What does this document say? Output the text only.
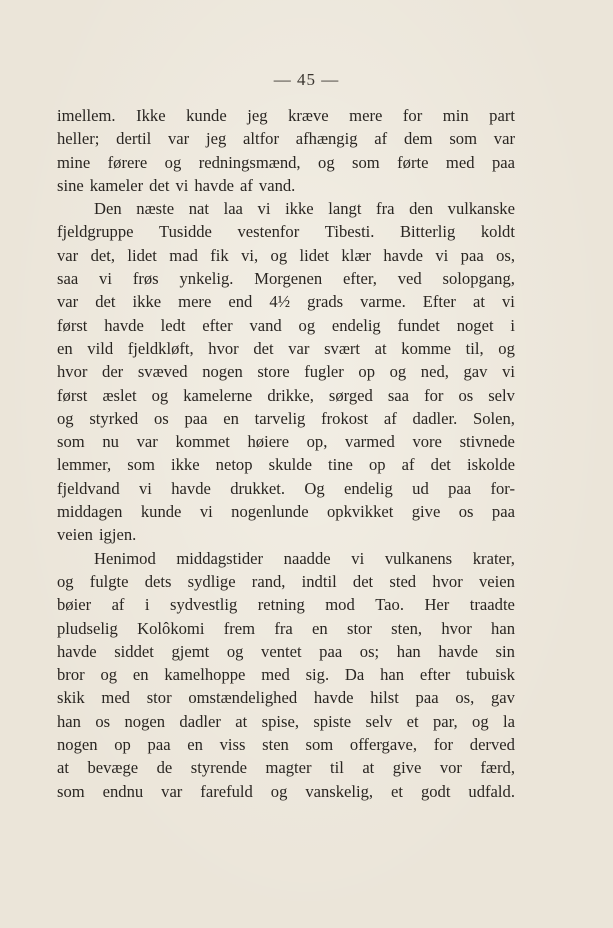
— 45 —
imellem. Ikke kunde jeg kræve mere for min part
heller; dertil var jeg altfor afhængig af dem som var
mine førere og redningsmænd, og som førte med paa
sine kameler det vi havde af vand.
Den næste nat laa vi ikke langt fra den vulkanske
fjeldgruppe Tusidde vestenfor Tibesti. Bitterlig koldt
var det, lidet mad fik vi, og lidet klær havde vi paa os,
saa vi frøs ynkelig. Morgenen efter, ved solopgang,
var det ikke mere end 4½ grads varme. Efter at vi
først havde ledt efter vand og endelig fundet noget i
en vild fjeldkløft, hvor det var svært at komme til, og
hvor der svæved nogen store fugler op og ned, gav vi
først æslet og kamelerne drikke, sørged saa for os selv
og styrked os paa en tarvelig frokost af dadler. Solen,
som nu var kommet høiere op, varmed vore stivnede
lemmer, som ikke netop skulde tine op af det iskolde
fjeldvand vi havde drukket. Og endelig ud paa for-
middagen kunde vi nogenlunde opkvikket give os paa
veien igjen.
Henimod middagstider naadde vi vulkanens krater,
og fulgte dets sydlige rand, indtil det sted hvor veien
bøier af i sydvestlig retning mod Tao. Her traadte
pludselig Kolôkomi frem fra en stor sten, hvor han
havde siddet gjemt og ventet paa os; han havde sin
bror og en kamelhoppe med sig. Da han efter tubuisk
skik med stor omstændelighed havde hilst paa os, gav
han os nogen dadler at spise, spiste selv et par, og la
nogen op paa en viss sten som offergave, for derved
at bevæge de styrende magter til at give vor færd,
som endnu var farefuld og vanskelig, et godt udfald.
